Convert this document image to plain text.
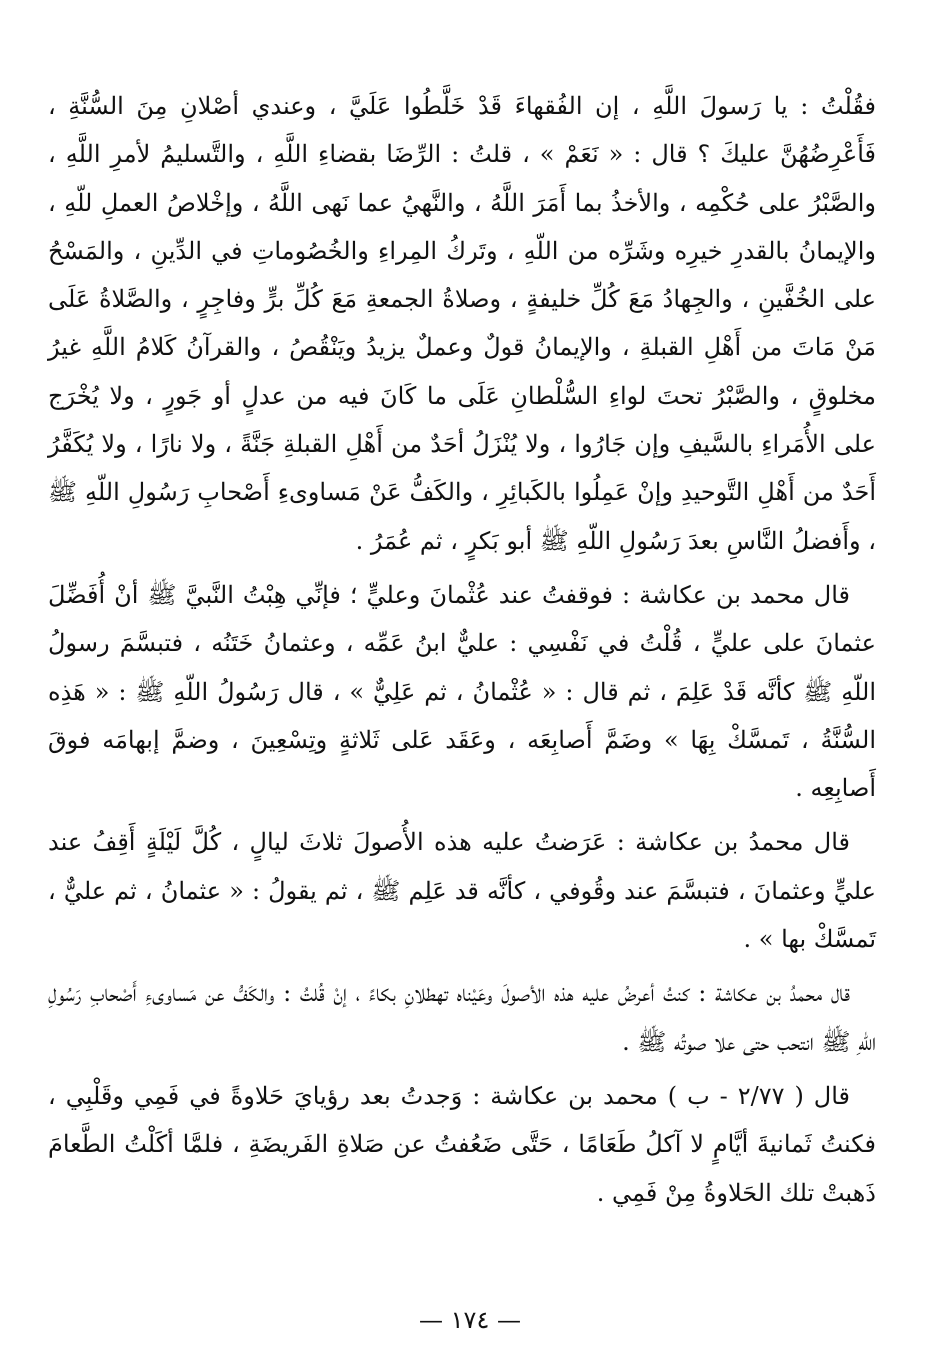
فقُلْتُ : يا رَسولَ اللَّهِ ، إن الفُقهاءَ قَدْ خَلَّطُوا عَلَيَّ ، وعندي أصْلانِ مِنَ السُّنَّةِ ، فَأَعْرِضُهُنَّ عليكَ ؟ قال : « نَعَمْ » ، قلتُ : الرِّضَا بقضاءِ اللَّهِ ، والتَّسليمُ لأمرِ اللَّهِ ، والصَّبْرُ على حُكْمِه ، والأخذُ بما أَمَرَ اللَّهُ ، والنَّهيُ عما نَهى اللَّهُ ، وإخْلاصُ العملِ للّهِ ، والإيمانُ بالقدرِ خيرِه وشَرِّه من اللّهِ ، وتَركُ المِراءِ والخُصُوماتِ في الدِّينِ ، والمَسْحُ على الخُفَّينِ ، والجِهادُ مَعَ كُلِّ خليفةٍ ، وصلاةُ الجمعةِ مَعَ كُلِّ برٍّ وفاجِرٍ ، والصَّلاةُ عَلَى مَنْ مَاتَ من أَهْلِ القبلةِ ، والإيمانُ قولٌ وعملٌ يزيدُ ويَنْقُصُ ، والقرآنُ كَلامُ اللَّهِ غيرُ مخلوقٍ ، والصَّبْرُ تحتَ لواءِ السُّلْطانِ عَلَى ما كَانَ فيه من عدلٍ أو جَورٍ ، ولا يُخْرَج على الأُمَراءِ بالسَّيفِ وإن جَارُوا ، ولا يُنْزَلُ أحَدٌ من أَهْلِ القبلةِ جَنَّةً ، ولا نارًا ، ولا يُكَفَّرُ أَحَدٌ من أَهْلِ التَّوحيدِ وإنْ عَمِلُوا بالكَبائِرِ ، والكَفُّ عَنْ مَساوىءِ أَصْحابِ رَسُولِ اللّهِ ﷺ ، وأَفضلُ النَّاسِ بعدَ رَسُولِ اللّهِ ﷺ أبو بَكرٍ ، ثم عُمَرُ .

قال محمد بن عكاشة : فوقفتُ عند عُثْمانَ وعليٍّ ؛ فإنِّي هِبْتُ النَّبيَّ ﷺ أنْ أُفَضِّلَ عثمانَ على عليٍّ ، قُلْتُ في نَفْسِي : عليٌّ ابنُ عَمِّه ، وعثمانُ خَتَنُه ، فتبسَّمَ رسولُ اللّهِ ﷺ كأنَّه قَدْ عَلِمَ ، ثم قال : « عُثْمانُ ، ثم عَلِيٌّ » ، قال رَسُولُ اللّهِ ﷺ : « هَذِه السُّنَّةُ ، تَمسَّكْ بِهَا » وضَمَّ أَصابِعَه ، وعَقَد عَلى ثَلاثةٍ وتِسْعِينَ ، وضمَّ إبهامَه فوقَ أَصابِعِه .

قال محمدُ بن عكاشة : عَرَضتُ عليه هذه الأُصولَ ثلاثَ ليالٍ ، كُلَّ لَيْلَةٍ أَقِفُ عند عليٍّ وعثمانَ ، فتبسَّمَ عند وقُوفي ، كأنَّه قد عَلِم ﷺ ، ثم يقولُ : « عثمانُ ، ثم عليٌّ ، تَمسَّكْ بها » .

قال محمدُ بن عكاشة : كنتُ أعرضُ عليه هذه الأصولَ وعَيْناه تهطلانِ بكاءً ، إنْ قُلتُ : والكَفُّ عن مَساوىءِ أَصْحابِ رَسُولِ اللّهِ ﷺ انتحب حتى علا صوتُه ﷺ .

قال ( ٢/٧٧ - ب ) محمد بن عكاشة : وَجدتُ بعد رؤيايَ حَلاوةً في فَمِي وقَلْبِي ، فكنتُ ثَمانيةَ أيَّامٍ لا آكلُ طَعَامًا ، حَتَّى ضَعُفتُ عن صَلاةِ الفَريضَةِ ، فلمَّا أكَلْتُ الطَّعامَ ذَهبتْ تلك الحَلاوةُ مِنْ فَمِي .

— ١٧٤ —
